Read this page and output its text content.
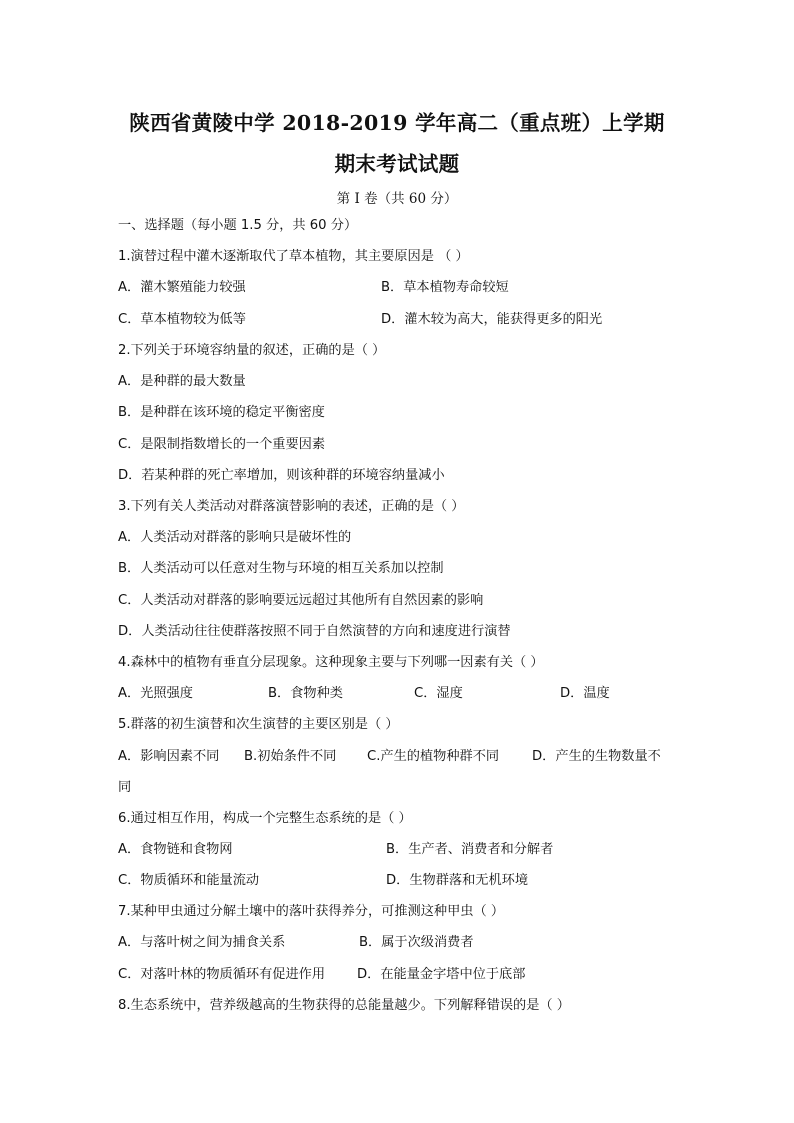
陕西省黄陵中学 2018-2019 学年高二（重点班）上学期
期末考试试题
第 I 卷（共 60 分）
一、选择题（每小题 1.5 分，共 60 分）
1.演替过程中灌木逐渐取代了草本植物，其主要原因是 （ ）
A．灌木繁殖能力较强	B．草本植物寿命较短
C．草本植物较为低等	D．灌木较为高大，能获得更多的阳光
2.下列关于环境容纳量的叙述，正确的是（ ）
A．是种群的最大数量
B．是种群在该环境的稳定平衡密度
C．是限制指数增长的一个重要因素
D．若某种群的死亡率增加，则该种群的环境容纳量减小
3.下列有关人类活动对群落演替影响的表述，正确的是（ ）
A．人类活动对群落的影响只是破坏性的
B．人类活动可以任意对生物与环境的相互关系加以控制
C．人类活动对群落的影响要远远超过其他所有自然因素的影响
D．人类活动往往使群落按照不同于自然演替的方向和速度进行演替
4.森林中的植物有垂直分层现象。这种现象主要与下列哪一因素有关（ ）
A．光照强度	B．食物种类	C．湿度	D．温度
5.群落的初生演替和次生演替的主要区别是（ ）
A．影响因素不同 B.初始条件不同 C.产生的植物种群不同 D．产生的生物数量不
同
6.通过相互作用，构成一个完整生态系统的是（ ）
A．食物链和食物网	B．生产者、消费者和分解者
C．物质循环和能量流动	D．生物群落和无机环境
7.某种甲虫通过分解土壤中的落叶获得养分，可推测这种甲虫（ ）
A．与落叶树之间为捕食关系	B．属于次级消费者
C．对落叶林的物质循环有促进作用 D．在能量金字塔中位于底部
8.生态系统中，营养级越高的生物获得的总能量越少。下列解释错误的是（ ）
